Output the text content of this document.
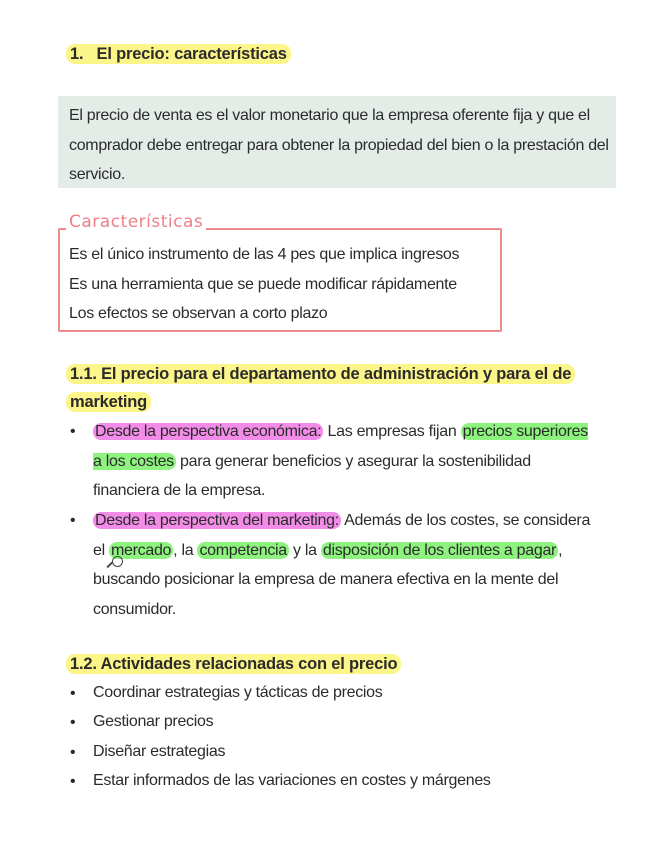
1. El precio: características

El precio de venta es el valor monetario que la empresa oferente fija y que el comprador debe entregar para obtener la propiedad del bien o la prestación del servicio.

Características
Es el único instrumento de las 4 pes que implica ingresos
Es una herramienta que se puede modificar rápidamente
Los efectos se observan a corto plazo
1.1. El precio para el departamento de administración y para el de marketing
• Desde la perspectiva económica: Las empresas fijan precios superiores a los costes para generar beneficios y asegurar la sostenibilidad financiera de la empresa.
• Desde la perspectiva del marketing: Además de los costes, se considera el mercado , la competencia y la disposición de los clientes a pagar , buscando posicionar la empresa de manera efectiva en la mente del consumidor.
1.2. Actividades relacionadas con el precio
• Coordinar estrategias y tácticas de precios
• Gestionar precios
• Diseñar estrategias
• Estar informados de las variaciones en costes y márgenes
